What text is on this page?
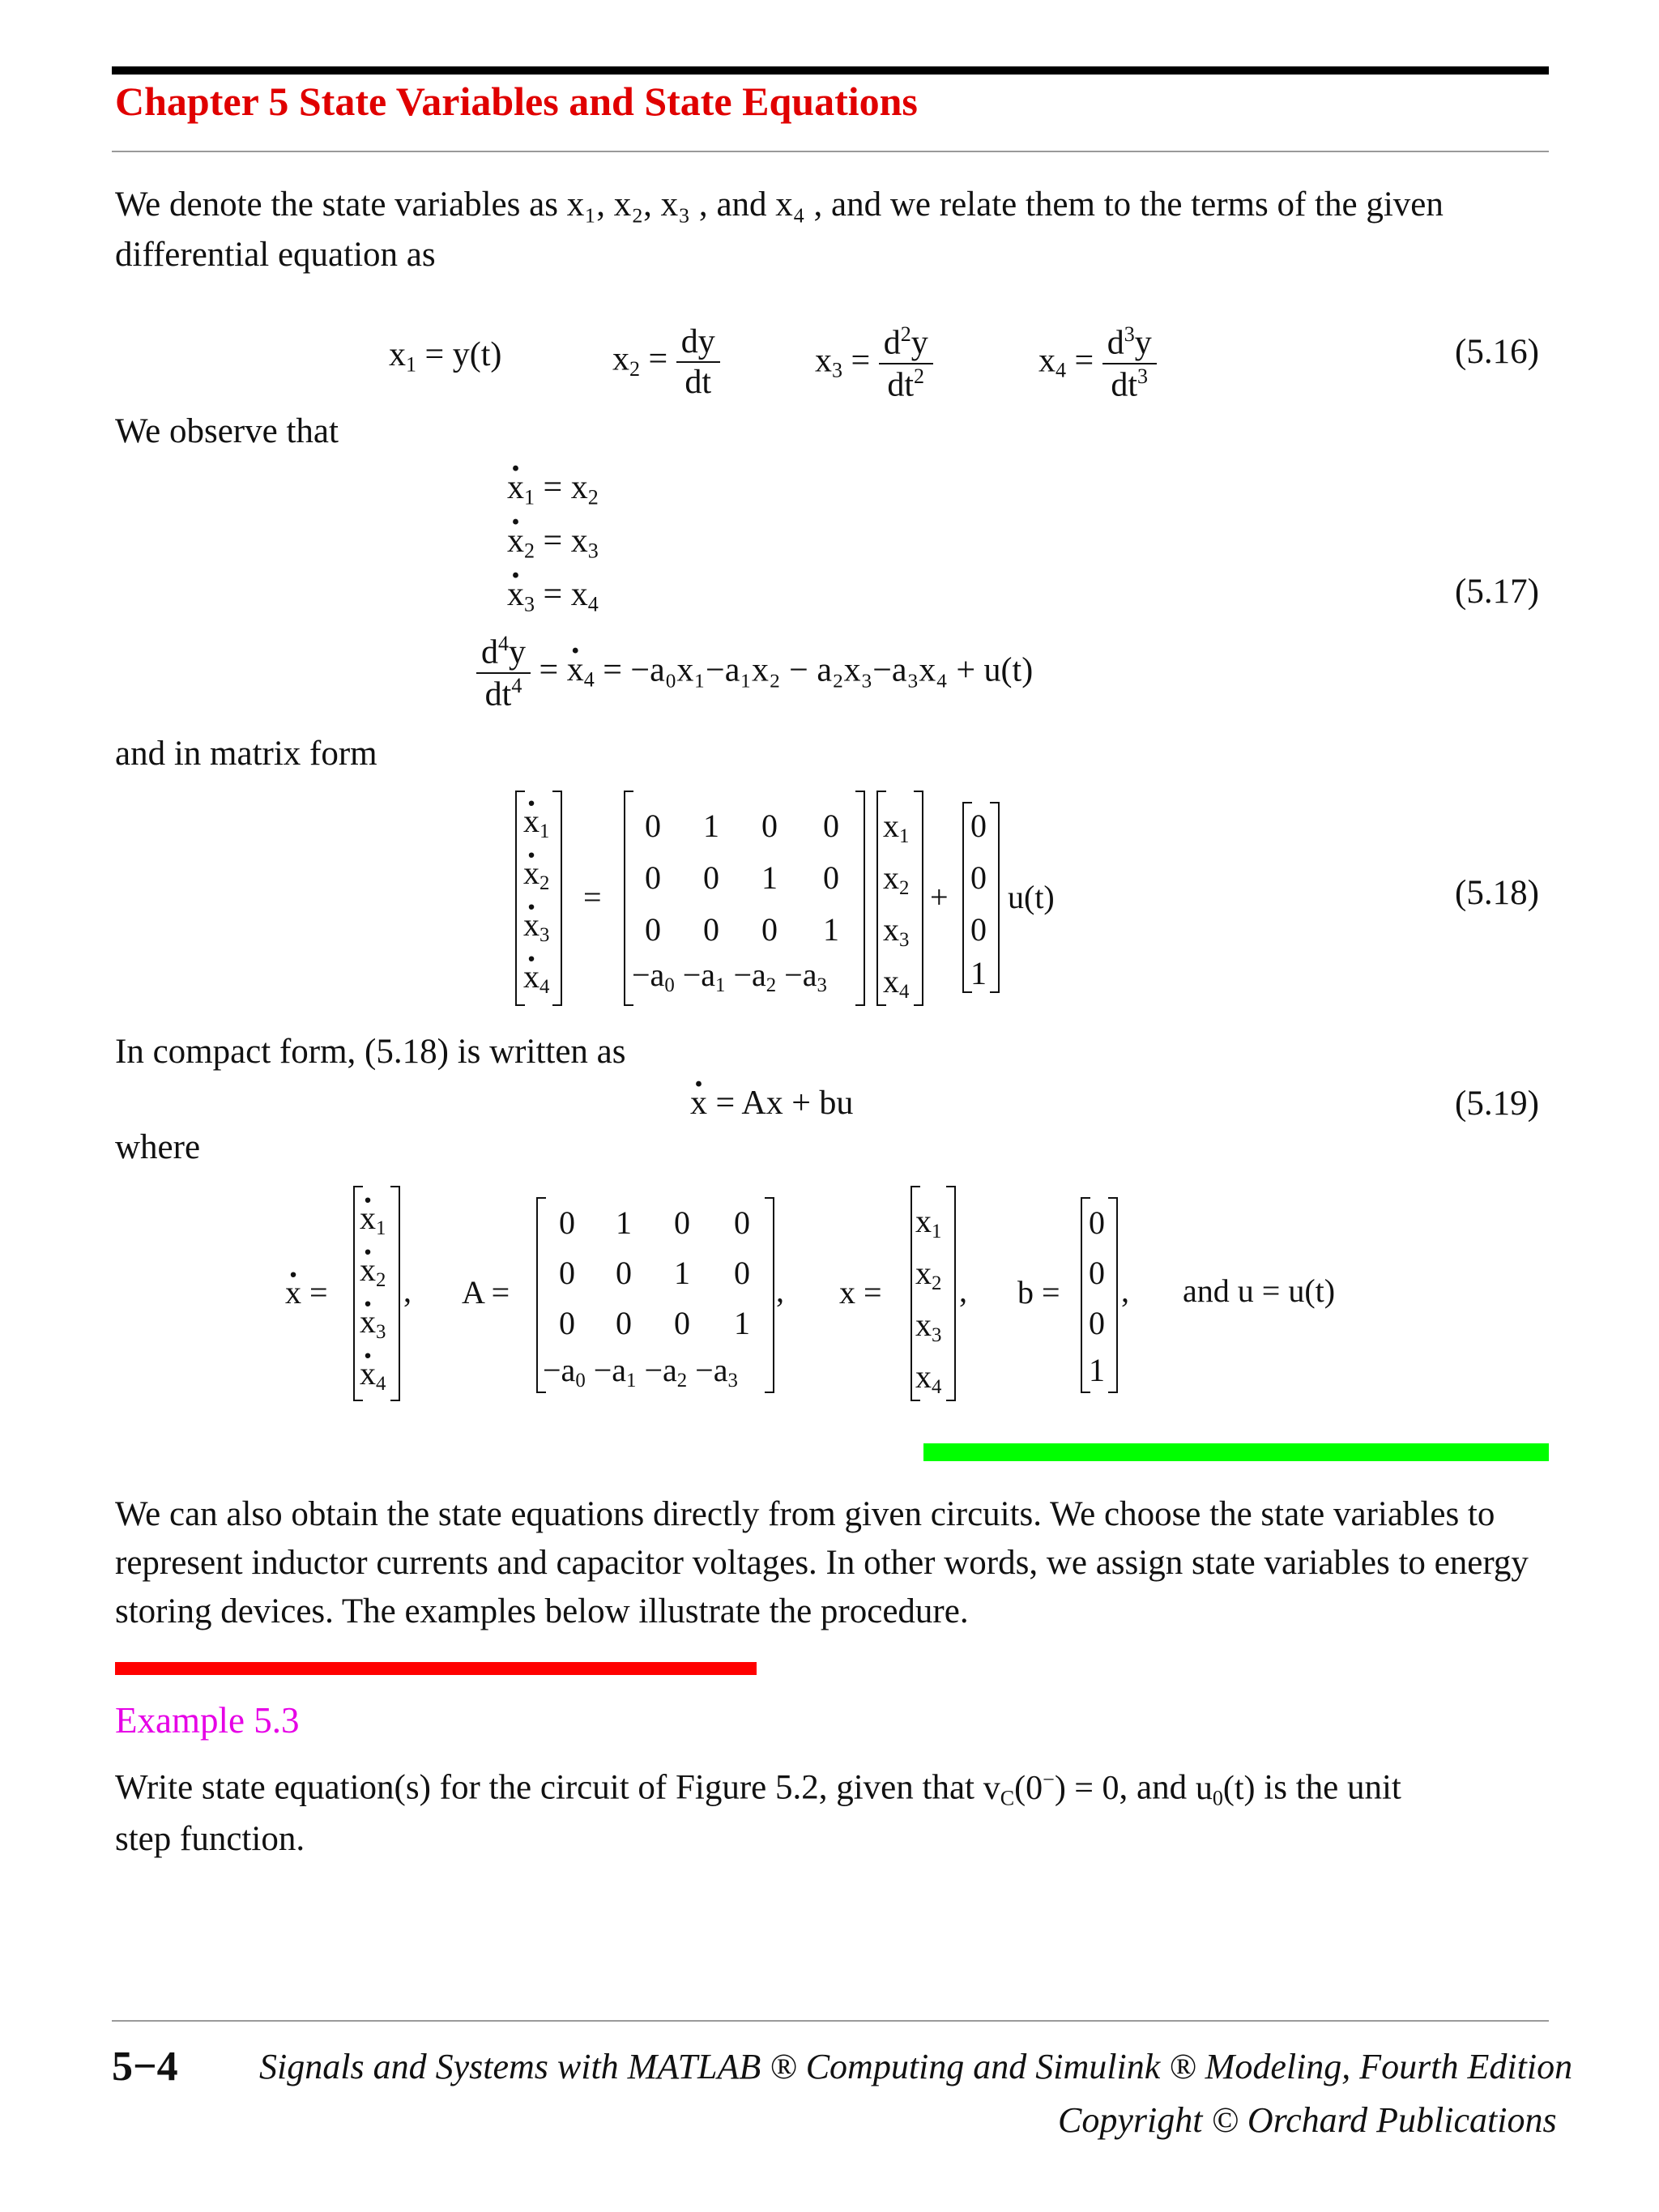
Chapter 5 State Variables and State Equations
We denote the state variables as x₁, x₂, x₃ , and x₄ , and we relate them to the terms of the given
differential equation as
$x_1 = y(t)$	$x_2 = \frac{dy}{dt}$	$x_3 = \frac{d^2y}{dt^2}$	$x_4 = \frac{d^3y}{dt^3}$	(5.16)
We observe that
· $x_1 = x_2$
· $x_2 = x_3$
· $x_3 = x_4$	(5.17)
$\frac{d^4y}{dt^4}$ = · $x_4 = -a_0x_1-a_1x_2 - a_2x_3-a_3x_4 + u(t)$
and in matrix form
· $x_1$
· $x_2$
· $x_3$
· $x_4$
=
0 1 0 0
0 0 1 0
0 0 0 1
$-a_0 -a_1 -a_2 -a_3$
$x_1$
$x_2$
$x_3$
$x_4$
+
0
0
0
1
u(t)	(5.18)
In compact form, (5.18) is written as
· x = Ax + bu	(5.19)
where
· x =
· $x_1$
· $x_2$
· $x_3$
· $x_4$
, A =
0 1 0 0
0 0 1 0
0 0 0 1
$-a_0 -a_1 -a_2 -a_3$
, x =
$x_1$
$x_2$
$x_3$
$x_4$
, b =
0
0
0
1
, and u = u(t)
We can also obtain the state equations directly from given circuits. We choose the state variables to represent inductor currents and capacitor voltages. In other words, we assign state variables to energy storing devices. The examples below illustrate the procedure.
Example 5.3
Write state equation(s) for the circuit of Figure 5.2, given that $v_C(0^-) = 0$, and $u_0(t)$ is the unit
step function.
5−4 Signals and Systems with MATLAB ® Computing and Simulink ® Modeling, Fourth Edition
Copyright © Orchard Publications
